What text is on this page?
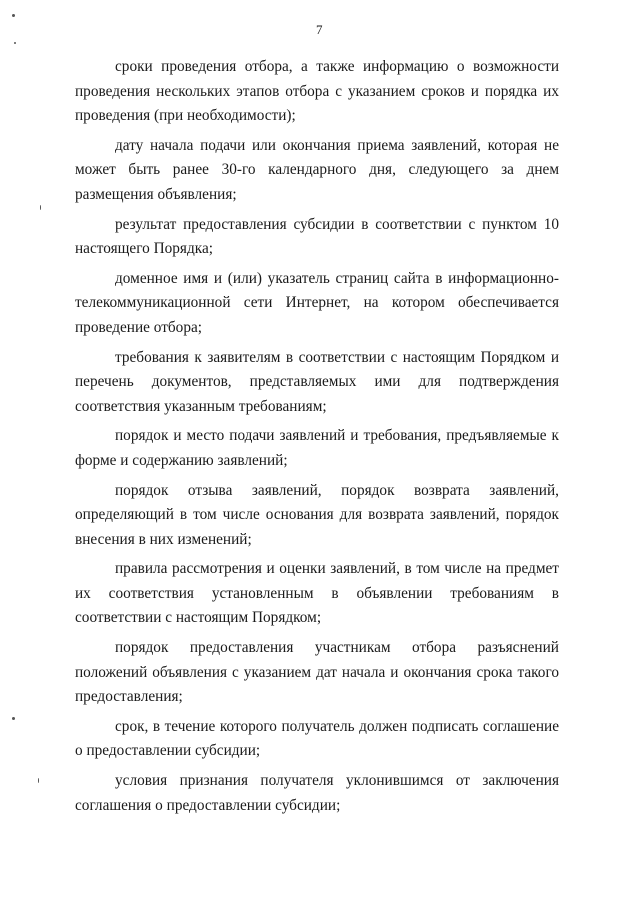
7

сроки проведения отбора, а также информацию о возможности проведения нескольких этапов отбора с указанием сроков и порядка их проведения (при необходимости);

дату начала подачи или окончания приема заявлений, которая не может быть ранее 30-го календарного дня, следующего за днем размещения объявления;

результат предоставления субсидии в соответствии с пунктом 10 настоящего Порядка;

доменное имя и (или) указатель страниц сайта в информационно-телекоммуникационной сети Интернет, на котором обеспечивается проведение отбора;

требования к заявителям в соответствии с настоящим Порядком и перечень документов, представляемых ими для подтверждения соответствия указанным требованиям;

порядок и место подачи заявлений и требования, предъявляемые к форме и содержанию заявлений;

порядок отзыва заявлений, порядок возврата заявлений, определяющий в том числе основания для возврата заявлений, порядок внесения в них изменений;

правила рассмотрения и оценки заявлений, в том числе на предмет их соответствия установленным в объявлении требованиям в соответствии с настоящим Порядком;

порядок предоставления участникам отбора разъяснений положений объявления с указанием дат начала и окончания срока такого предоставления;

срок, в течение которого получатель должен подписать соглашение о предоставлении субсидии;

условия признания получателя уклонившимся от заключения соглашения о предоставлении субсидии;
